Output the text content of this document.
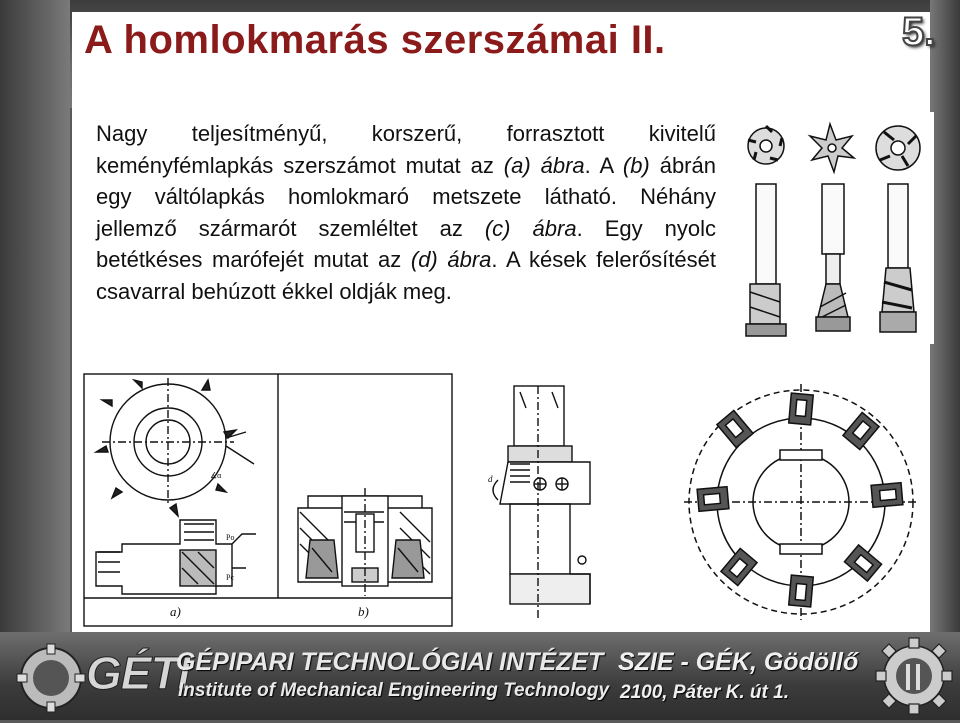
A homlokmarás szerszámai II.	5.
Nagy teljesítményű, korszerű, forrasztott kivitelű keményfémlapkás szerszámot mutat az (a) ábra. A (b) ábrán egy váltólapkás homlokmaró metszete látható. Néhány jellemző szármarót szemléltet az (c) ábra. Egy nyolc betétkéses marófejét mutat az (d) ábra. A kések felerősítését csavarral behúzott ékkel oldják meg.
∡α
Po
Pc
a)	b)
d
GÉTI
GÉPIPARI TECHNOLÓGIAI INTÉZET
Institute of Mechanical Engineering Technology
SZIE - GÉK, Gödöllő
2100, Páter K. út 1.
